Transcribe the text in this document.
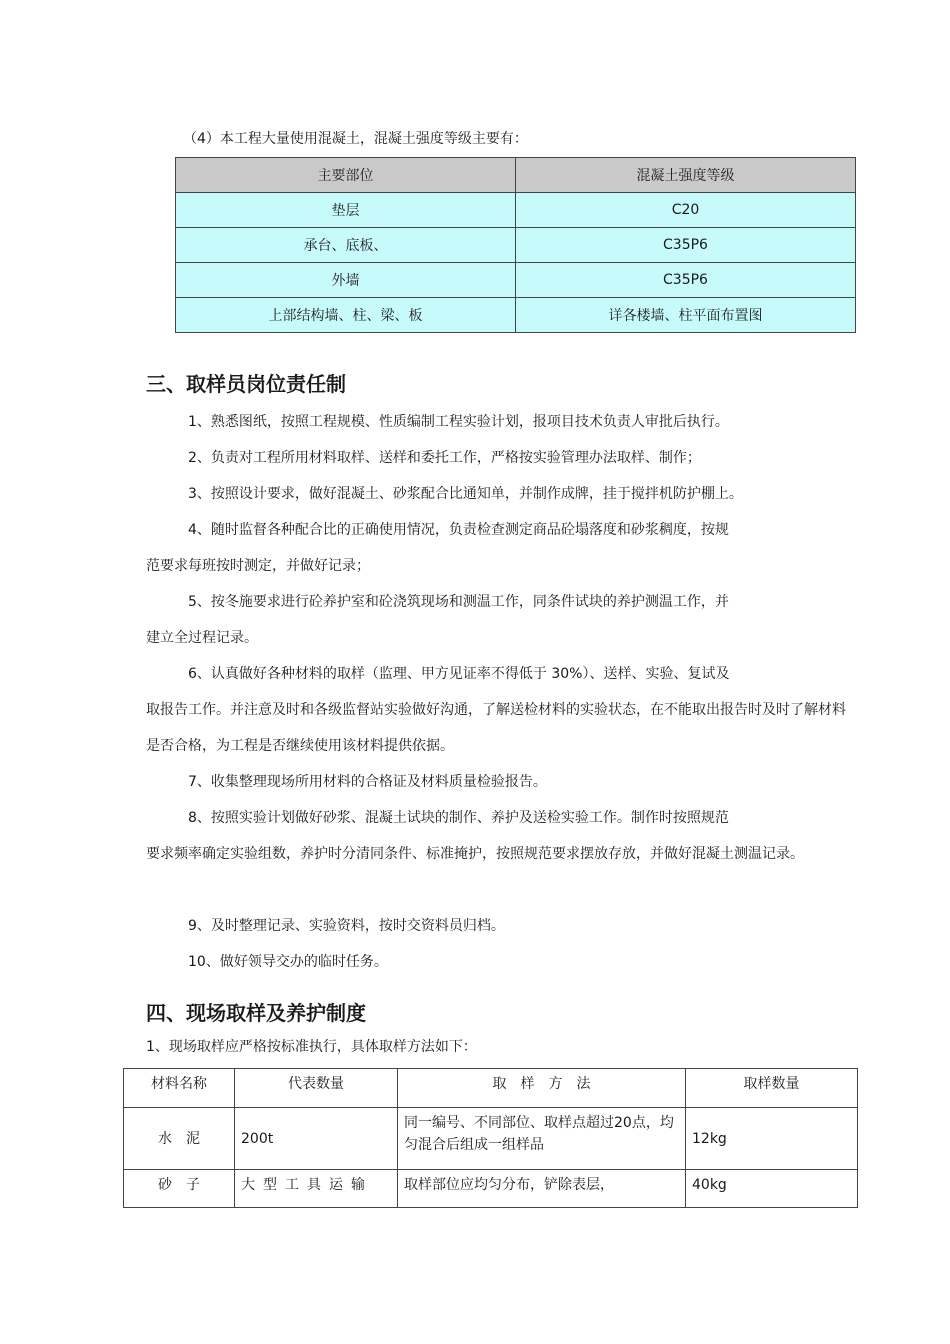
（4）本工程大量使用混凝土，混凝土强度等级主要有：
主要部位	混凝土强度等级
垫层	C20
承台、底板、	C35P6
外墙	C35P6
上部结构墙、柱、梁、板	详各楼墙、柱平面布置图
三、取样员岗位责任制
1、熟悉图纸，按照工程规模、性质编制工程实验计划，报项目技术负责人审批后执行。
2、负责对工程所用材料取样、送样和委托工作，严格按实验管理办法取样、制作；
3、按照设计要求，做好混凝土、砂浆配合比通知单，并制作成牌，挂于搅拌机防护棚上。
4、随时监督各种配合比的正确使用情况，负责检查测定商品砼塌落度和砂浆稠度，按规
范要求每班按时测定，并做好记录；
5、按冬施要求进行砼养护室和砼浇筑现场和测温工作，同条件试块的养护测温工作，并
建立全过程记录。
6、认真做好各种材料的取样（监理、甲方见证率不得低于 30%）、送样、实验、复试及
取报告工作。并注意及时和各级监督站实验做好沟通，了解送检材料的实验状态，在不能取出报告时及时了解材料是否合格，为工程是否继续使用该材料提供依据。
7、收集整理现场所用材料的合格证及材料质量检验报告。
8、按照实验计划做好砂浆、混凝土试块的制作、养护及送检实验工作。制作时按照规范
要求频率确定实验组数，养护时分清同条件、标准掩护，按照规范要求摆放存放，并做好混凝土测温记录。
9、及时整理记录、实验资料，按时交资料员归档。
10、做好领导交办的临时任务。
四、现场取样及养护制度
1、现场取样应严格按标准执行，具体取样方法如下：
材料名称	代表数量	取　样　方　法	取样数量
水　泥	200t	同一编号、不同部位、取样点超过20点，均匀混合后组成一组样品	12kg
砂　子	大型工具运输	取样部位应均匀分布，铲除表层，	40kg
